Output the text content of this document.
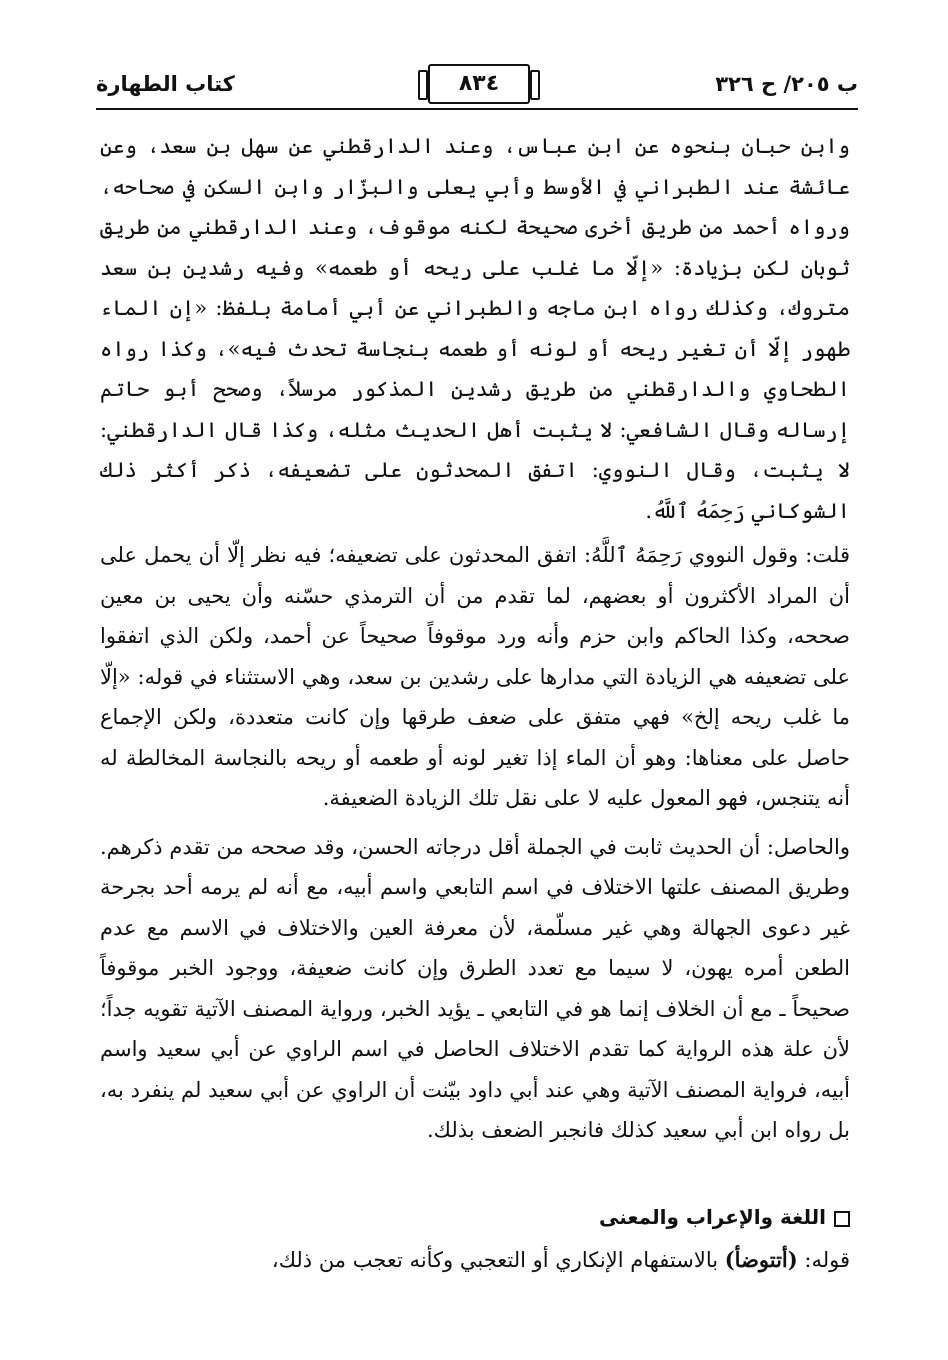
ب ٢٠٥/ ح ٣٢٦
٨٣٤
كتاب الطهارة

وابن حبان بنحوه عن ابن عباس، وعند الدارقطني عن سهل بن سعد، وعن عائشة عند الطبراني في الأوسط وأبي يعلى والبزّار وابن السكن في صحاحه، ورواه أحمد من طريق أخرى صحيحة لكنه موقوف، وعند الدارقطني من طريق ثوبان لكن بزيادة: «إلّا ما غلب على ريحه أو طعمه» وفيه رشدين بن سعد متروك، وكذلك رواه ابن ماجه والطبراني عن أبي أمامة بلفظ: «إن الماء طهور إلّا أن تغير ريحه أو لونه أو طعمه بنجاسة تحدث فيه»، وكذا رواه الطحاوي والدارقطني من طريق رشدين المذكور مرسلاً، وصحح أبو حاتم إرساله وقال الشافعي: لا يثبت أهل الحديث مثله، وكذا قال الدارقطني: لا يثبت، وقال النووي: اتفق المحدثون على تضعيفه، ذكر أكثر ذلك الشوكاني رَحِمَهُ ٱللَّهُ.

قلت: وقول النووي رَحِمَهُ ٱللَّهُ: اتفق المحدثون على تضعيفه؛ فيه نظر إلّا أن يحمل على أن المراد الأكثرون أو بعضهم، لما تقدم من أن الترمذي حسّنه وأن يحيى بن معين صححه، وكذا الحاكم وابن حزم وأنه ورد موقوفاً صحيحاً عن أحمد، ولكن الذي اتفقوا على تضعيفه هي الزيادة التي مدارها على رشدين بن سعد، وهي الاستثناء في قوله: «إلّا ما غلب ريحه إلخ» فهي متفق على ضعف طرقها وإن كانت متعددة، ولكن الإجماع حاصل على معناها: وهو أن الماء إذا تغير لونه أو طعمه أو ريحه بالنجاسة المخالطة له أنه يتنجس، فهو المعول عليه لا على نقل تلك الزيادة الضعيفة.

والحاصل: أن الحديث ثابت في الجملة أقل درجاته الحسن، وقد صححه من تقدم ذكرهم. وطريق المصنف علتها الاختلاف في اسم التابعي واسم أبيه، مع أنه لم يرمه أحد بجرحة غير دعوى الجهالة وهي غير مسلّمة، لأن معرفة العين والاختلاف في الاسم مع عدم الطعن أمره يهون، لا سيما مع تعدد الطرق وإن كانت ضعيفة، ووجود الخبر موقوفاً صحيحاً ـ مع أن الخلاف إنما هو في التابعي ـ يؤيد الخبر، ورواية المصنف الآتية تقويه جداً؛ لأن علة هذه الرواية كما تقدم الاختلاف الحاصل في اسم الراوي عن أبي سعيد واسم أبيه، فرواية المصنف الآتية وهي عند أبي داود بيّنت أن الراوي عن أبي سعيد لم ينفرد به، بل رواه ابن أبي سعيد كذلك فانجبر الضعف بذلك.

اللغة والإعراب والمعنى
قوله: (أتتوضأ) بالاستفهام الإنكاري أو التعجبي وكأنه تعجب من ذلك،
